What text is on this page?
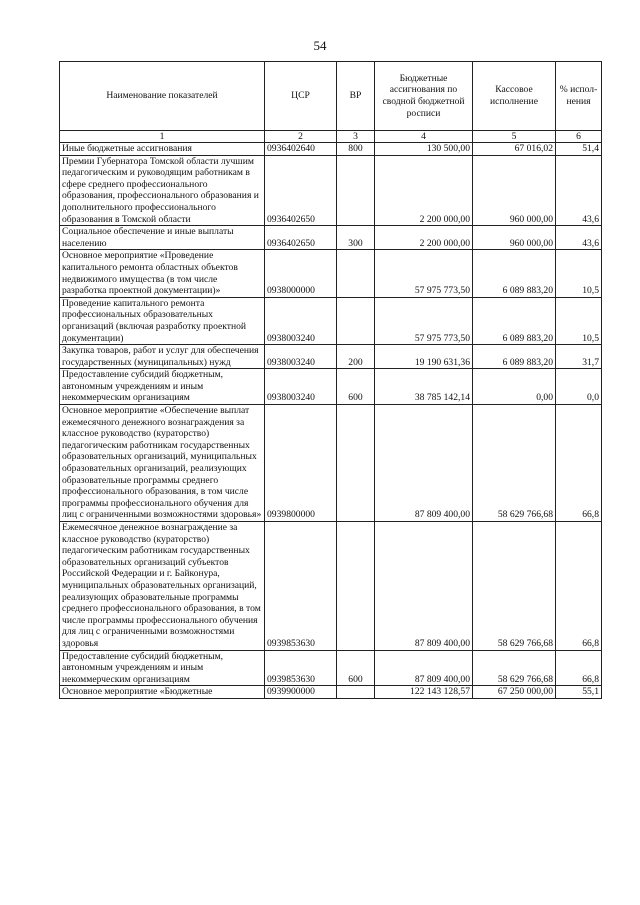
54
Наименование показателей	ЦСР	ВР	Бюджетные ассигнования по сводной бюджетной росписи	Кассовое исполнение	% испол-нения
1	2	3	4	5	6
Иные бюджетные ассигнования	0936402640	800	130 500,00	67 016,02	51,4
Премии Губернатора Томской области лучшим педагогическим и руководящим работникам в сфере среднего профессионального образования, профессионального образования и дополнительного профессионального образования в Томской области	0936402650		2 200 000,00	960 000,00	43,6
Социальное обеспечение и иные выплаты населению	0936402650	300	2 200 000,00	960 000,00	43,6
Основное мероприятие «Проведение капитального ремонта областных объектов недвижимого имущества (в том числе разработка проектной документации)»	0938000000		57 975 773,50	6 089 883,20	10,5
Проведение капитального ремонта профессиональных образовательных организаций (включая разработку проектной документации)	0938003240		57 975 773,50	6 089 883,20	10,5
Закупка товаров, работ и услуг для обеспечения государственных (муниципальных) нужд	0938003240	200	19 190 631,36	6 089 883,20	31,7
Предоставление субсидий бюджетным, автономным учреждениям и иным некоммерческим организациям	0938003240	600	38 785 142,14	0,00	0,0
Основное мероприятие «Обеспечение выплат ежемесячного денежного вознаграждения за классное руководство (кураторство) педагогическим работникам государственных образовательных организаций, муниципальных образовательных организаций, реализующих образовательные программы среднего профессионального образования, в том числе программы профессионального обучения для лиц с ограниченными возможностями здоровья»	0939800000		87 809 400,00	58 629 766,68	66,8
Ежемесячное денежное вознаграждение за классное руководство (кураторство) педагогическим работникам государственных образовательных организаций субъектов Российской Федерации и г. Байконура, муниципальных образовательных организаций, реализующих образовательные программы среднего профессионального образования, в том числе программы профессионального обучения для лиц с ограниченными возможностями здоровья	0939853630		87 809 400,00	58 629 766,68	66,8
Предоставление субсидий бюджетным, автономным учреждениям и иным некоммерческим организациям	0939853630	600	87 809 400,00	58 629 766,68	66,8
Основное мероприятие «Бюджетные	0939900000		122 143 128,57	67 250 000,00	55,1
